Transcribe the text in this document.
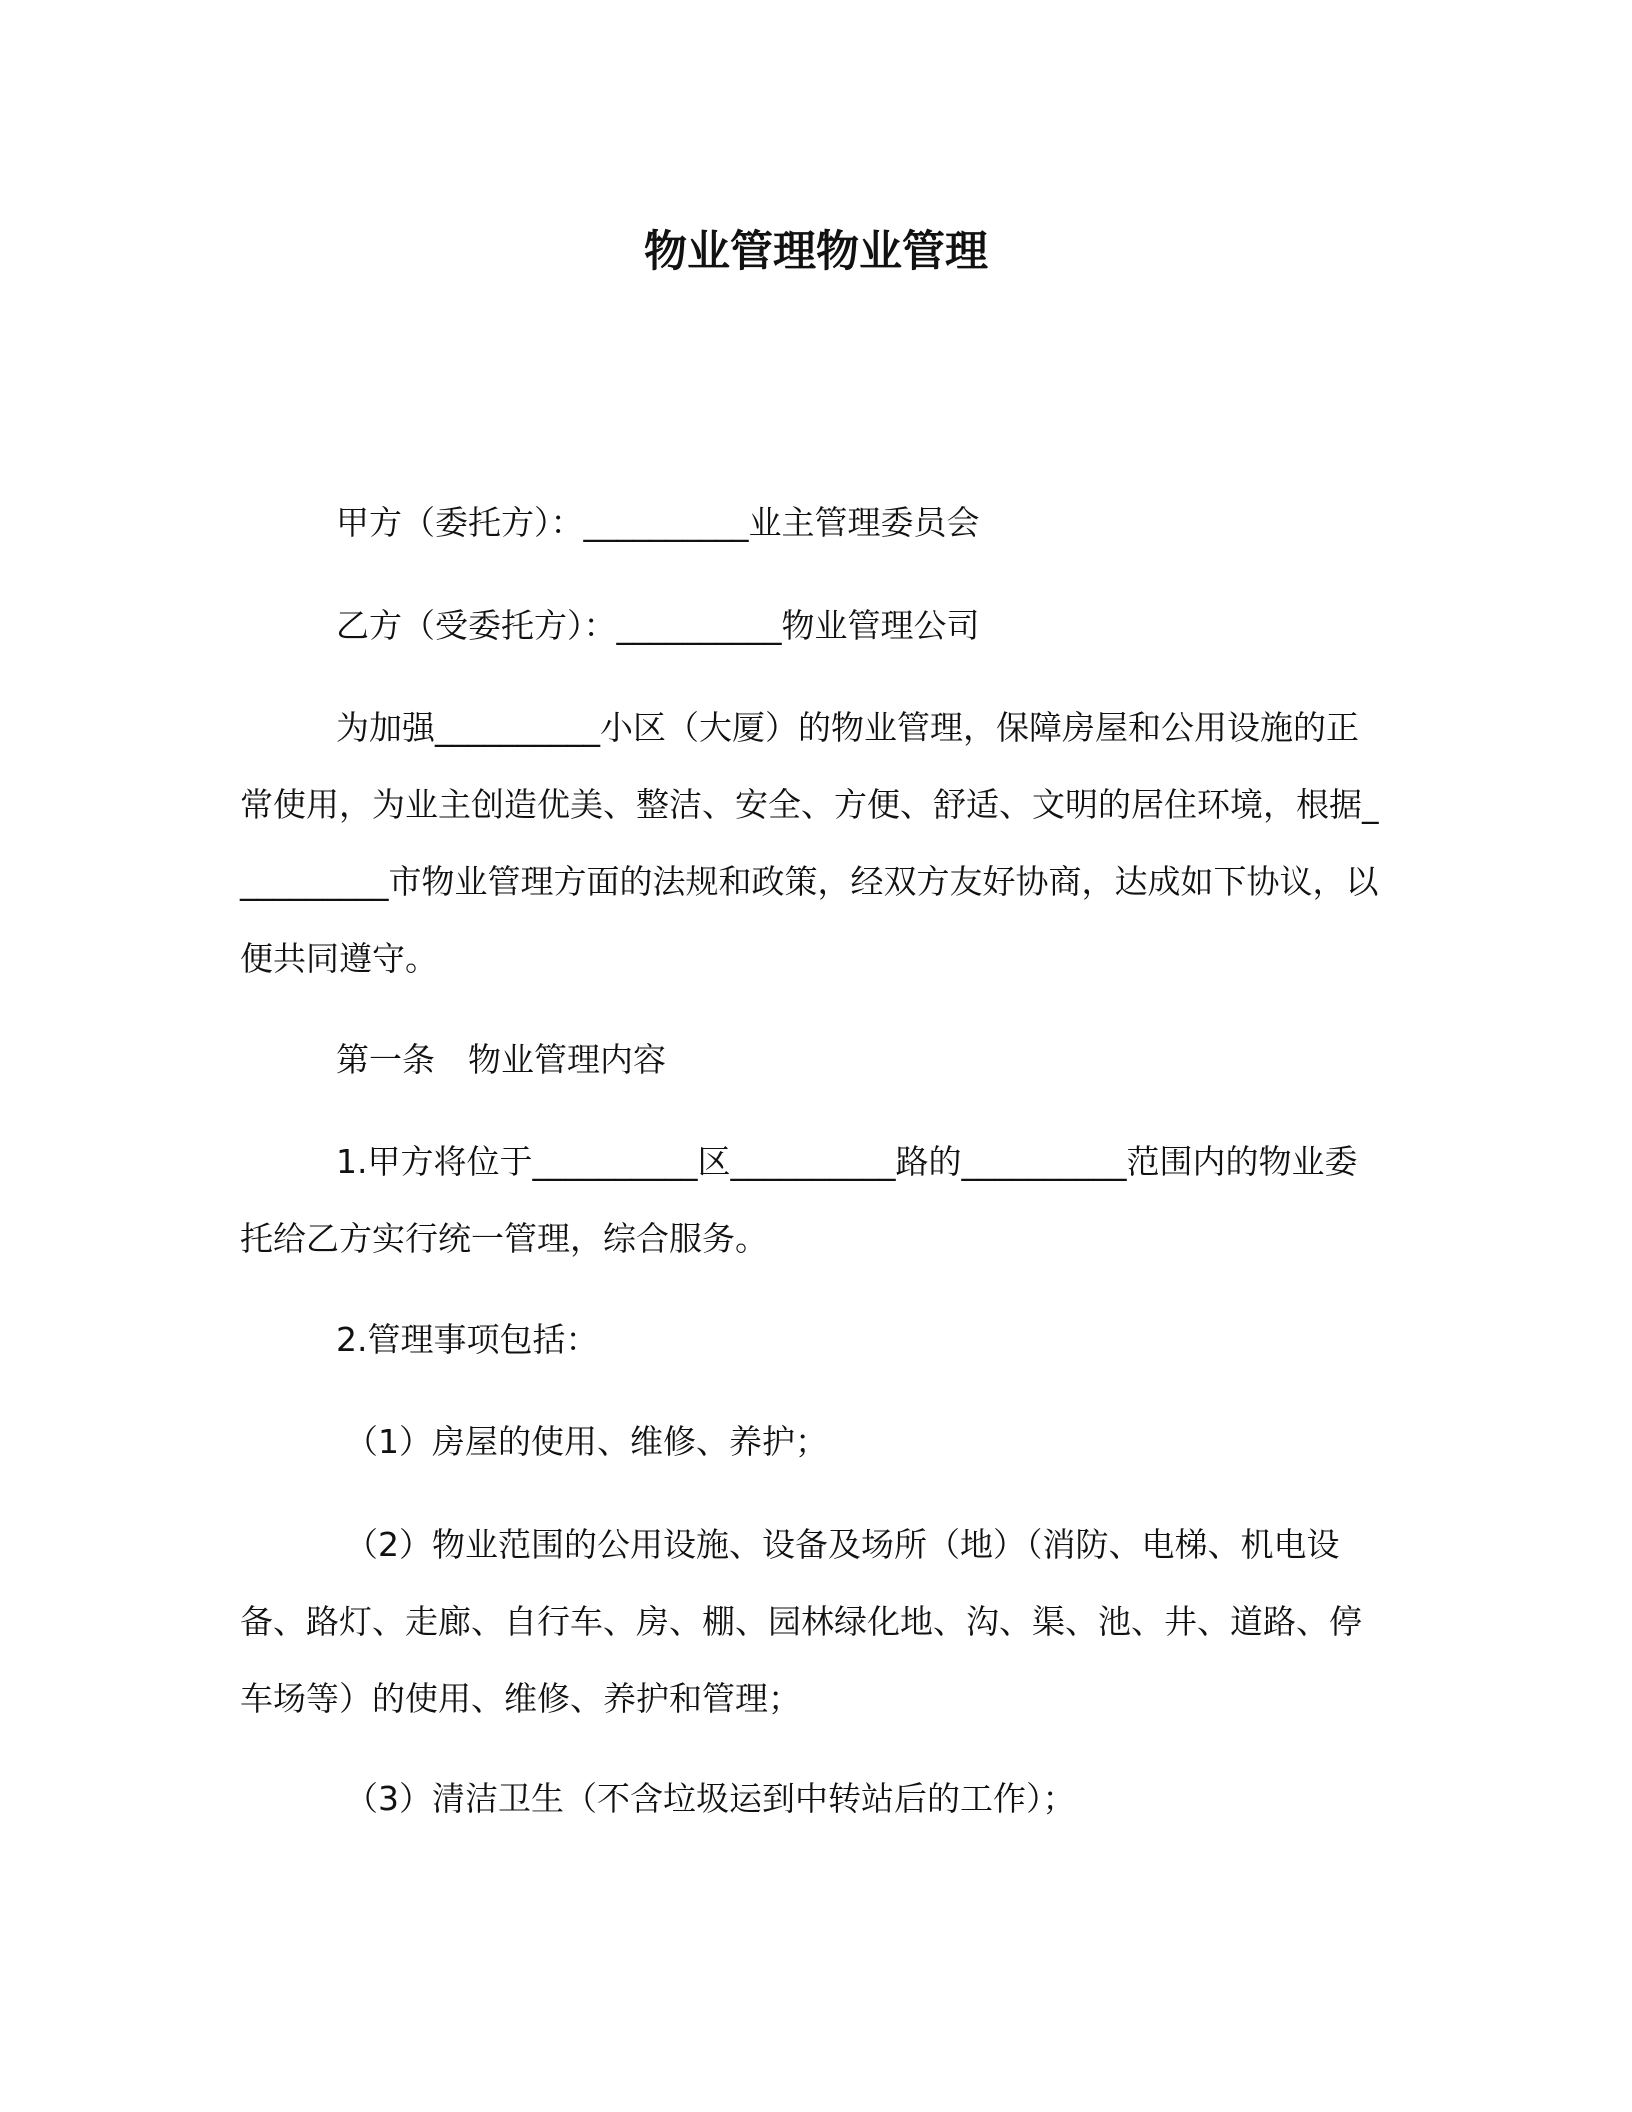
物业管理物业管理

甲方（委托方）：__________业主管理委员会

乙方（受委托方）：__________物业管理公司

为加强__________小区（大厦）的物业管理，保障房屋和公用设施的正常使用，为业主创造优美、整洁、安全、方便、舒适、文明的居住环境，根据__________市物业管理方面的法规和政策，经双方友好协商，达成如下协议，以便共同遵守。

第一条　物业管理内容

1.甲方将位于__________区__________路的__________范围内的物业委托给乙方实行统一管理，综合服务。

2.管理事项包括：

（1）房屋的使用、维修、养护；

（2）物业范围的公用设施、设备及场所（地）（消防、电梯、机电设备、路灯、走廊、自行车、房、棚、园林绿化地、沟、渠、池、井、道路、停车场等）的使用、维修、养护和管理；

（3）清洁卫生（不含垃圾运到中转站后的工作）；
